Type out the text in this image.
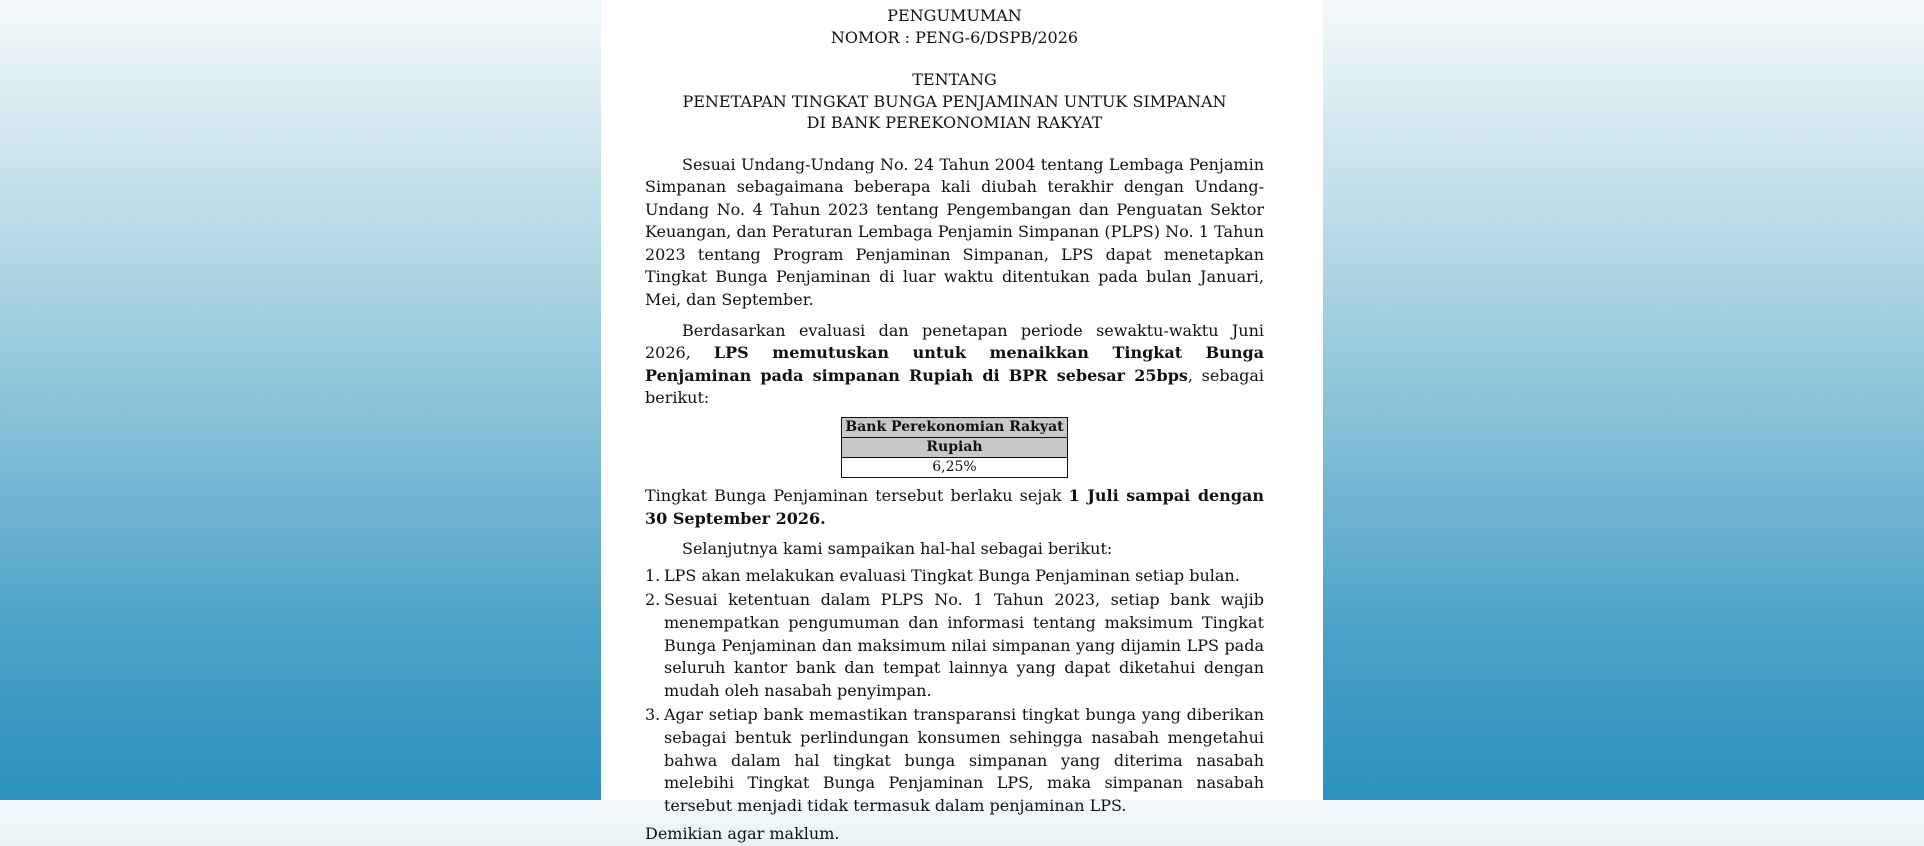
PENGUMUMAN
NOMOR : PENG-6/DSPB/2026
TENTANG
PENETAPAN TINGKAT BUNGA PENJAMINAN UNTUK SIMPANAN
DI BANK PEREKONOMIAN RAKYAT

Sesuai Undang-Undang No. 24 Tahun 2004 tentang Lembaga Penjamin Simpanan sebagaimana beberapa kali diubah terakhir dengan Undang-Undang No. 4 Tahun 2023 tentang Pengembangan dan Penguatan Sektor Keuangan, dan Peraturan Lembaga Penjamin Simpanan (PLPS) No. 1 Tahun 2023 tentang Program Penjaminan Simpanan, LPS dapat menetapkan Tingkat Bunga Penjaminan di luar waktu ditentukan pada bulan Januari, Mei, dan September.

Berdasarkan evaluasi dan penetapan periode sewaktu-waktu Juni 2026, LPS memutuskan untuk menaikkan Tingkat Bunga Penjaminan pada simpanan Rupiah di BPR sebesar 25bps, sebagai berikut:

Bank Perekonomian Rakyat
Rupiah
6,25%

Tingkat Bunga Penjaminan tersebut berlaku sejak 1 Juli sampai dengan 30 September 2026.

Selanjutnya kami sampaikan hal-hal sebagai berikut:

1. LPS akan melakukan evaluasi Tingkat Bunga Penjaminan setiap bulan.
2. Sesuai ketentuan dalam PLPS No. 1 Tahun 2023, setiap bank wajib menempatkan pengumuman dan informasi tentang maksimum Tingkat Bunga Penjaminan dan maksimum nilai simpanan yang dijamin LPS pada seluruh kantor bank dan tempat lainnya yang dapat diketahui dengan mudah oleh nasabah penyimpan.
3. Agar setiap bank memastikan transparansi tingkat bunga yang diberikan sebagai bentuk perlindungan konsumen sehingga nasabah mengetahui bahwa dalam hal tingkat bunga simpanan yang diterima nasabah melebihi Tingkat Bunga Penjaminan LPS, maka simpanan nasabah tersebut menjadi tidak termasuk dalam penjaminan LPS.

Demikian agar maklum.
